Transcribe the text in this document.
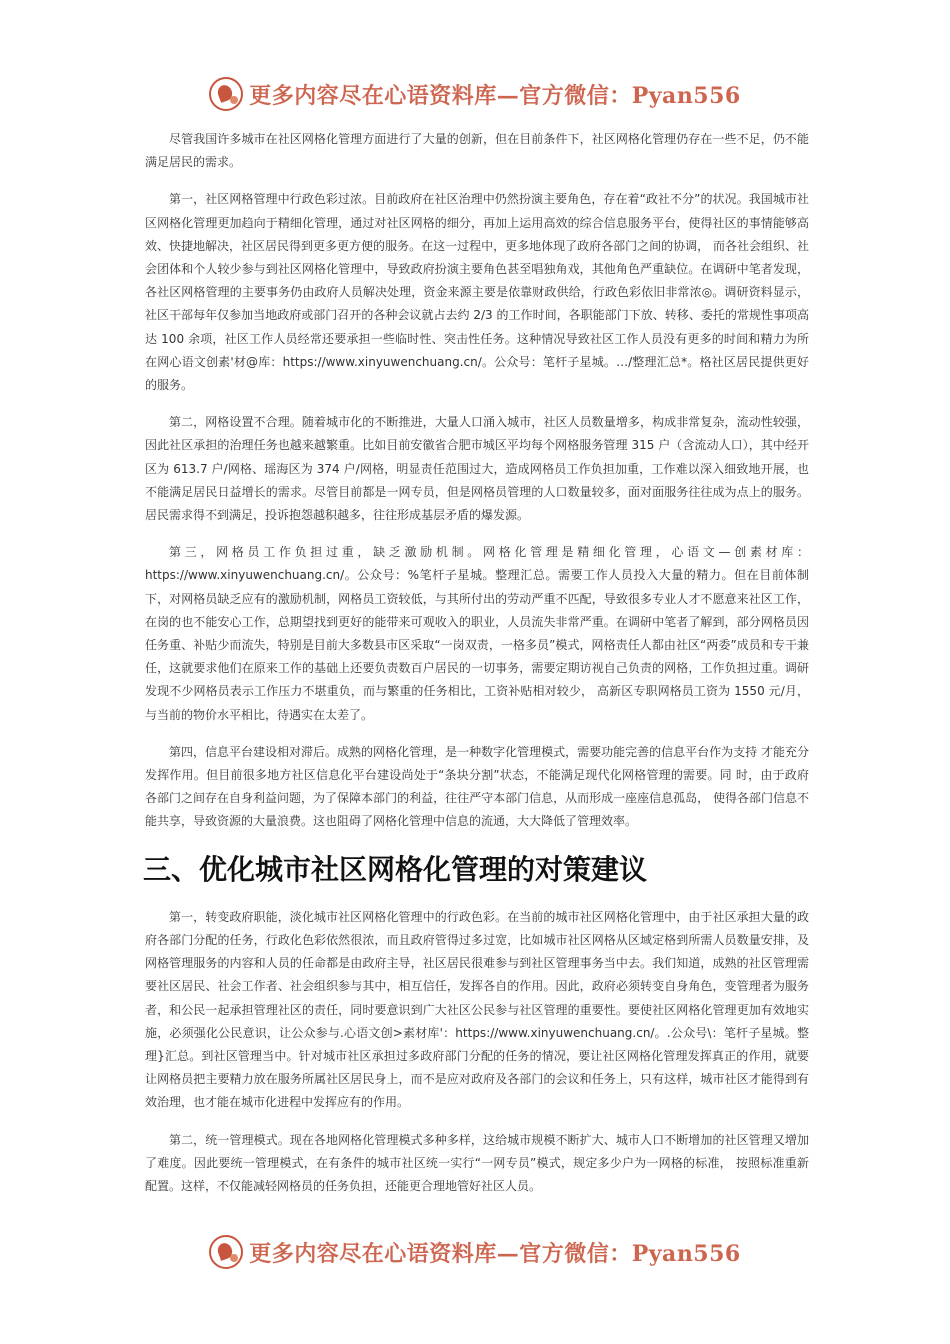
更多内容尽在心语资料库—官方微信：Pyan556

尽管我国许多城市在社区网格化管理方面进行了大量的创新，但在目前条件下，社区网格化管理仍存在一些不足，仍不能满足居民的需求。

第一，社区网格管理中行政色彩过浓。目前政府在社区治理中仍然扮演主要角色，存在着“政社不分”的状况。我国城市社区网格化管理更加趋向于精细化管理，通过对社区网格的细分，再加上运用高效的综合信息服务平台，使得社区的事情能够高效、快捷地解决，社区居民得到更多更方便的服务。在这一过程中，更多地体现了政府各部门之间的协调， 而各社会组织、社会团体和个人较少参与到社区网格化管理中，导致政府扮演主要角色甚至唱独角戏，其他角色严重缺位。在调研中笔者发现，各社区网格管理的主要事务仍由政府人员解决处理，资金来源主要是依靠财政供给，行政色彩依旧非常浓◎。调研资料显示，社区干部每年仅参加当地政府或部门召开的各种会议就占去约 2/3 的工作时间，各职能部门下放、转移、委托的常规性事项高达 100 余项，社区工作人员经常还要承担一些临时性、突击性任务。这种情况导致社区工作人员没有更多的时间和精力为所在网心语文创素'材@库：https://www.xinyuwenchuang.cn/。公众号：笔杆子星城。…/整理汇总*。格社区居民提供更好的服务。

第二，网格设置不合理。随着城市化的不断推进，大量人口涌入城市，社区人员数量增多，构成非常复杂，流动性较强，因此社区承担的治理任务也越来越繁重。比如目前安徽省合肥市城区平均每个网格服务管理 315 户（含流动人口），其中经开区为 613.7 户/网格、瑶海区为 374 户/网格，明显责任范围过大，造成网格员工作负担加重，工作难以深入细致地开展，也不能满足居民日益增长的需求。尽管目前都是一网专员，但是网格员管理的人口数量较多，面对面服务往往成为点上的服务。居民需求得不到满足，投诉抱怨越积越多，往往形成基层矛盾的爆发源。

第三，网格员工作负担过重，缺乏激励机制。网格化管理是精细化管理，心语文—创素材库：https://www.xinyuwenchuang.cn/。公众号：%笔杆子星城。整理汇总。需要工作人员投入大量的精力。但在目前体制下，对网格员缺乏应有的激励机制，网格员工资较低，与其所付出的劳动严重不匹配，导致很多专业人才不愿意来社区工作，在岗的也不能安心工作，总期望找到更好的能带来可观收入的职业，人员流失非常严重。在调研中笔者了解到，部分网格员因任务重、补贴少而流失，特别是目前大多数县市区采取“一岗双责，一格多员”模式，网格责任人都由社区“两委”成员和专干兼任，这就要求他们在原来工作的基础上还要负责数百户居民的一切事务，需要定期访视自己负责的网格，工作负担过重。调研发现不少网格员表示工作压力不堪重负，而与繁重的任务相比，工资补贴相对较少， 高新区专职网格员工资为 1550 元/月，与当前的物价水平相比，待遇实在太差了。

第四，信息平台建设相对滞后。成熟的网格化管理，是一种数字化管理模式，需要功能完善的信息平台作为支持 才能充分发挥作用。但目前很多地方社区信息化平台建设尚处于“条块分割”状态，不能满足现代化网格管理的需要。同 时，由于政府各部门之间存在自身利益问题，为了保障本部门的利益，往往严守本部门信息，从而形成一座座信息孤岛， 使得各部门信息不能共享，导致资源的大量浪费。这也阻碍了网格化管理中信息的流通，大大降低了管理效率。

三、优化城市社区网格化管理的对策建议

第一，转变政府职能，淡化城市社区网格化管理中的行政色彩。在当前的城市社区网格化管理中，由于社区承担大量的政府各部门分配的任务，行政化色彩依然很浓，而且政府管得过多过宽，比如城市社区网格从区域定格到所需人员数量安排，及网格管理服务的内容和人员的任命都是由政府主导，社区居民很难参与到社区管理事务当中去。我们知道，成熟的社区管理需要社区居民、社会工作者、社会组织参与其中，相互信任，发挥各自的作用。因此，政府必须转变自身角色，变管理者为服务者，和公民一起承担管理社区的责任，同时要意识到广大社区公民参与社区管理的重要性。要使社区网格化管理更加有效地实施，必须强化公民意识，让公众参与.心语文创>素材库'：https://www.xinyuwenchuang.cn/。.公众号\：笔杆子星城。整理}汇总。到社区管理当中。针对城市社区承担过多政府部门分配的任务的情况，要让社区网格化管理发挥真正的作用，就要让网格员把主要精力放在服务所属社区居民身上，而不是应对政府及各部门的会议和任务上，只有这样，城市社区才能得到有效治理，也才能在城市化进程中发挥应有的作用。

第二，统一管理模式。现在各地网格化管理模式多种多样，这给城市规模不断扩大、城市人口不断增加的社区管理又增加了难度。因此要统一管理模式，在有条件的城市社区统一实行“一网专员”模式，规定多少户为一网格的标准， 按照标准重新配置。这样，不仅能减轻网格员的任务负担，还能更合理地管好社区人员。

更多内容尽在心语资料库—官方微信：Pyan556
